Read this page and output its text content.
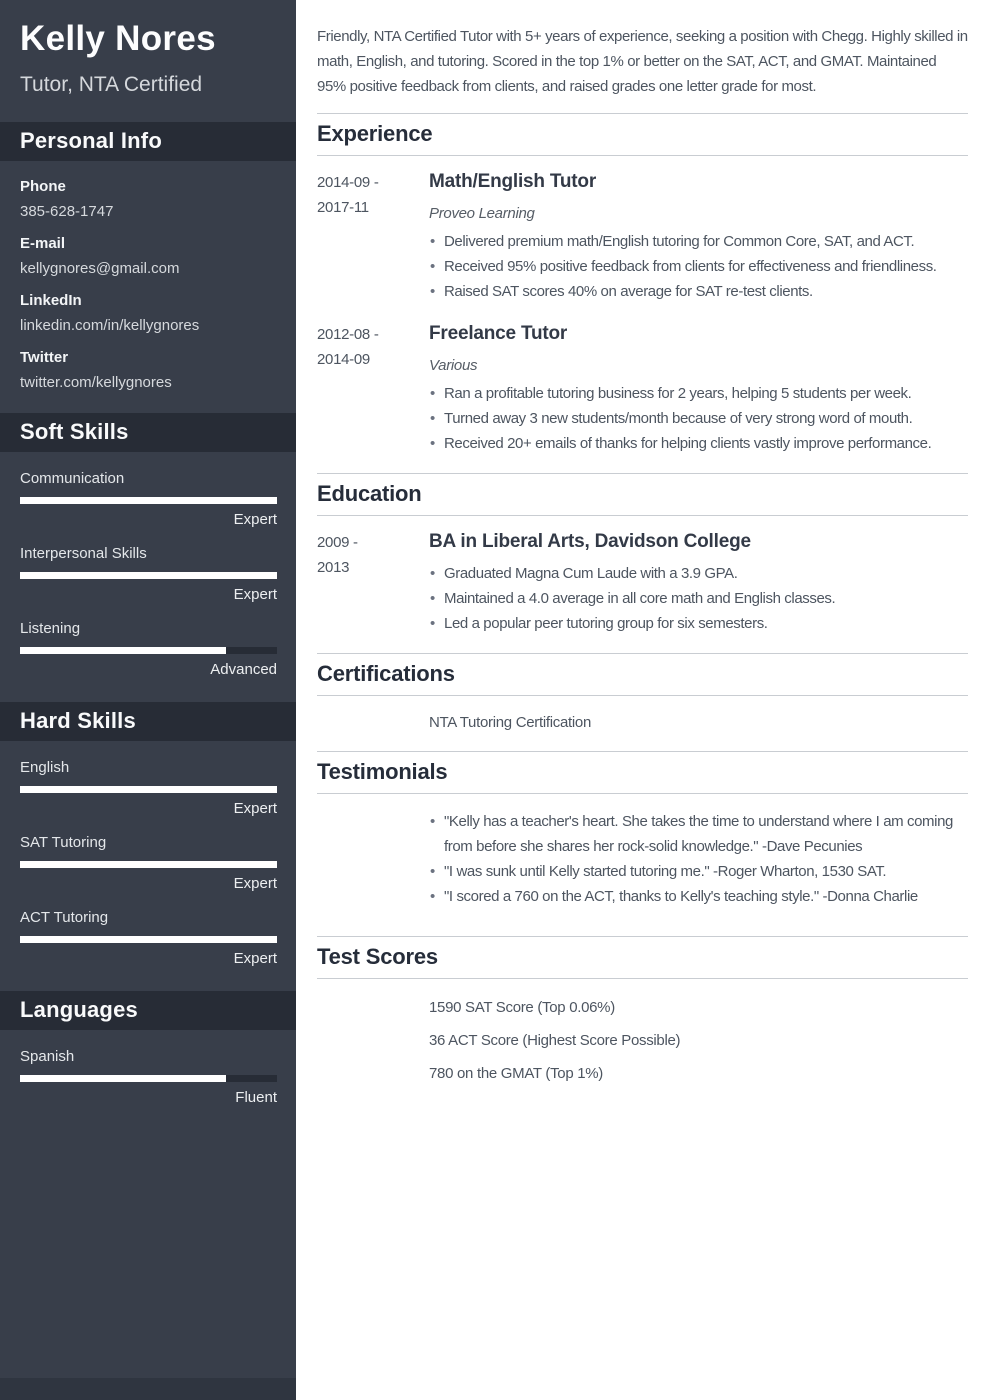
Kelly Nores
Tutor, NTA Certified
Personal Info
Phone
385-628-1747
E-mail
kellygnores@gmail.com
LinkedIn
linkedin.com/in/kellygnores
Twitter
twitter.com/kellygnores
Soft Skills
Communication
Expert
Interpersonal Skills
Expert
Listening
Advanced
Hard Skills
English
Expert
SAT Tutoring
Expert
ACT Tutoring
Expert
Languages
Spanish
Fluent

Friendly, NTA Certified Tutor with 5+ years of experience, seeking a position with Chegg. Highly skilled in math, English, and tutoring. Scored in the top 1% or better on the SAT, ACT, and GMAT. Maintained 95% positive feedback from clients, and raised grades one letter grade for most.

Experience
2014-09 -
2017-11
Math/English Tutor
Proveo Learning
• Delivered premium math/English tutoring for Common Core, SAT, and ACT.
• Received 95% positive feedback from clients for effectiveness and friendliness.
• Raised SAT scores 40% on average for SAT re-test clients.
2012-08 -
2014-09
Freelance Tutor
Various
• Ran a profitable tutoring business for 2 years, helping 5 students per week.
• Turned away 3 new students/month because of very strong word of mouth.
• Received 20+ emails of thanks for helping clients vastly improve performance.
Education
2009 -
2013
BA in Liberal Arts, Davidson College
• Graduated Magna Cum Laude with a 3.9 GPA.
• Maintained a 4.0 average in all core math and English classes.
• Led a popular peer tutoring group for six semesters.
Certifications

NTA Tutoring Certification

Testimonials
• "Kelly has a teacher's heart. She takes the time to understand where I am coming from before she shares her rock-solid knowledge." -Dave Pecunies
• "I was sunk until Kelly started tutoring me." -Roger Wharton, 1530 SAT.
• "I scored a 760 on the ACT, thanks to Kelly's teaching style." -Donna Charlie
Test Scores

1590 SAT Score (Top 0.06%)

36 ACT Score (Highest Score Possible)

780 on the GMAT (Top 1%)
